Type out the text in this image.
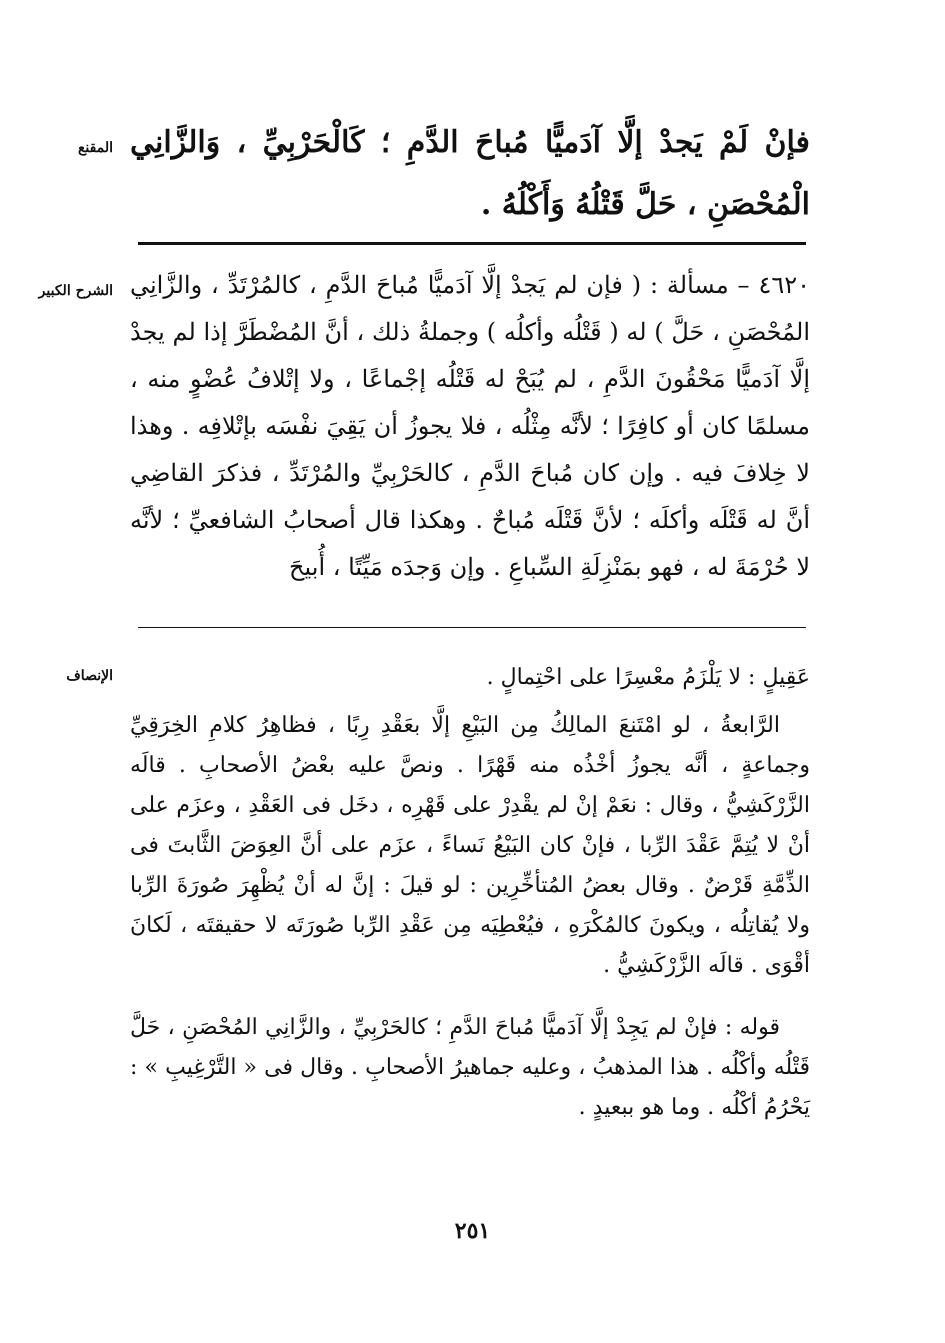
المقنع فإنْ لَمْ يَجدْ إلَّا آدَميًّا مُباحَ الدَّمِ ؛ كَالْحَرْبِيِّ ، وَالزَّانِي الْمُحْصَنِ ، حَلَّ قَتْلُهُ وَأَكْلُهُ .

الشرح الكبير ٤٦٢٠ – مسألة : ( فإن لم يَجدْ إلَّا آدَميًّا مُباحَ الدَّمِ ، كالمُرْتَدِّ ، والزَّانِي المُحْصَنِ ، حَلَّ ) له ( قَتْلُه وأكلُه ) وجملةُ ذلك ، أنَّ المُضْطَرَّ إذا لم يجدْ إلَّا آدَميًّا مَحْقُونَ الدَّمِ ، لم يُبَحْ له قَتْلُه إجْماعًا ، ولا إتْلافُ عُضْوٍ منه ، مسلمًا كان أو كافِرًا ؛ لأنَّه مِثْلُه ، فلا يجوزُ أن يَقِيَ نفْسَه بإتْلافِه . وهذا لا خِلافَ فيه . وإن كان مُباحَ الدَّمِ ، كالحَرْبِيِّ والمُرْتَدِّ ، فذكرَ القاضِي أنَّ له قَتْلَه وأكلَه ؛ لأنَّ قَتْلَه مُباحٌ . وهكذا قال أصحابُ الشافعيِّ ؛ لأنَّه لا حُرْمَةَ له ، فهو بمَنْزِلَةِ السِّباعِ . وإن وَجدَه مَيِّتًا ، أُبيحَ

الإنصاف	عَقِيلٍ : لا يَلْزَمُ معْسِرًا على احْتِمالٍ .

الرَّابعةُ ، لو امْتَنعَ المالِكُ مِن البَيْعِ إلَّا بعَقْدِ رِبًا ، فظاهِرُ كلامِ الخِرَقِيِّ وجماعةٍ ، أنَّه يجوزُ أخْذُه منه قَهْرًا . ونصَّ عليه بعْضُ الأصحابِ . قالَه الزَّرْكَشِيُّ ، وقال : نعَمْ إنْ لم يقْدِرْ على قَهْرِه ، دخَل فى العَقْدِ ، وعزَم على أنْ لا يُتِمَّ عَقْدَ الرِّبا ، فإنْ كان البَيْعُ نَساءً ، عزَم على أنَّ العِوَضَ الثَّابتَ فى الذِّمَّةِ قَرْضٌ . وقال بعضُ المُتأخِّرِين : لو قيلَ : إنَّ له أنْ يُظْهِرَ صُورَةَ الرِّبا ولا يُقاتِلُه ، ويكونَ كالمُكْرَهِ ، فيُعْطِيَه مِن عَقْدِ الرِّبا صُورَتَه لا حقيقتَه ، لَكانَ أقْوَى . قالَه الزَّرْكَشِيُّ .

قوله : فإنْ لم يَجِدْ إلَّا آدَميًّا مُباحَ الدَّمِ ؛ كالحَرْبِيِّ ، والزَّانِي المُحْصَنِ ، حَلَّ قَتْلُه وأكْلُه . هذا المذهبُ ، وعليه جماهيرُ الأصحابِ . وقال فى « التَّرْغِيبِ » : يَحْرُمُ أكْلُه . وما هو ببعيدٍ .

٢٥١
